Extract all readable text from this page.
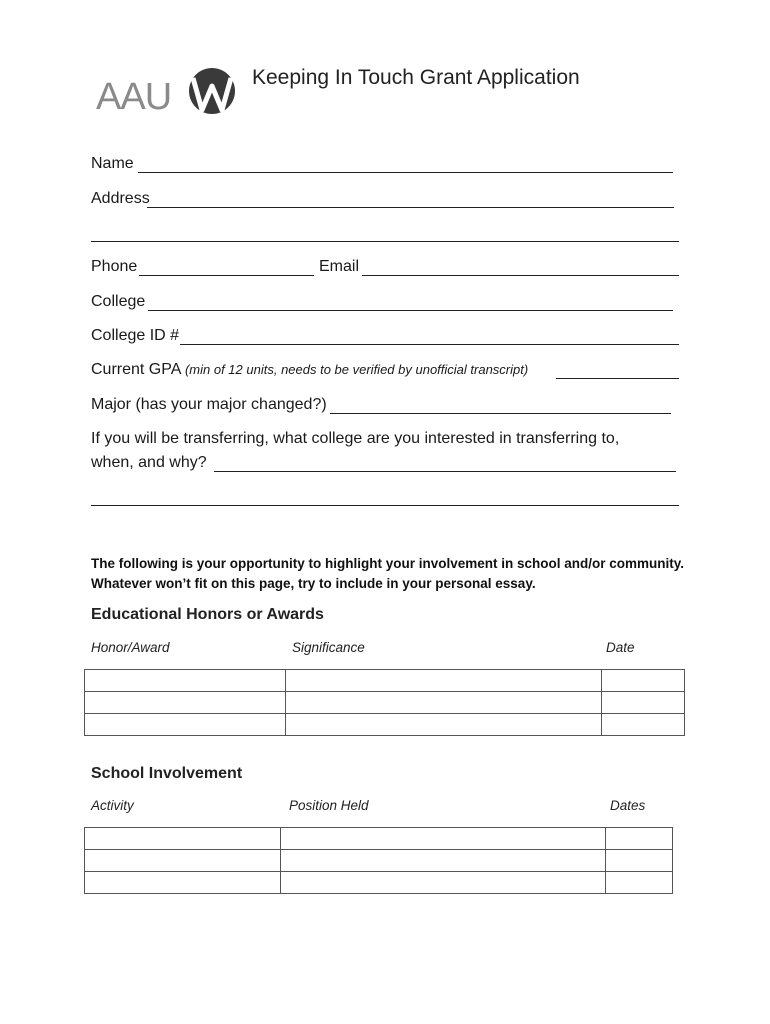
AAU	Keeping In Touch Grant Application
Name
Address
Phone	Email
College
College ID #
Current GPA (min of 12 units, needs to be verified by unofficial transcript)
Major (has your major changed?)
If you will be transferring, what college are you interested in transferring to,
when, and why?
The following is your opportunity to highlight your involvement in school and/or community.
Whatever won’t fit on this page, try to include in your personal essay.
Educational Honors or Awards
Honor/Award	Significance	Date

School Involvement
Activity	Position Held	Dates
